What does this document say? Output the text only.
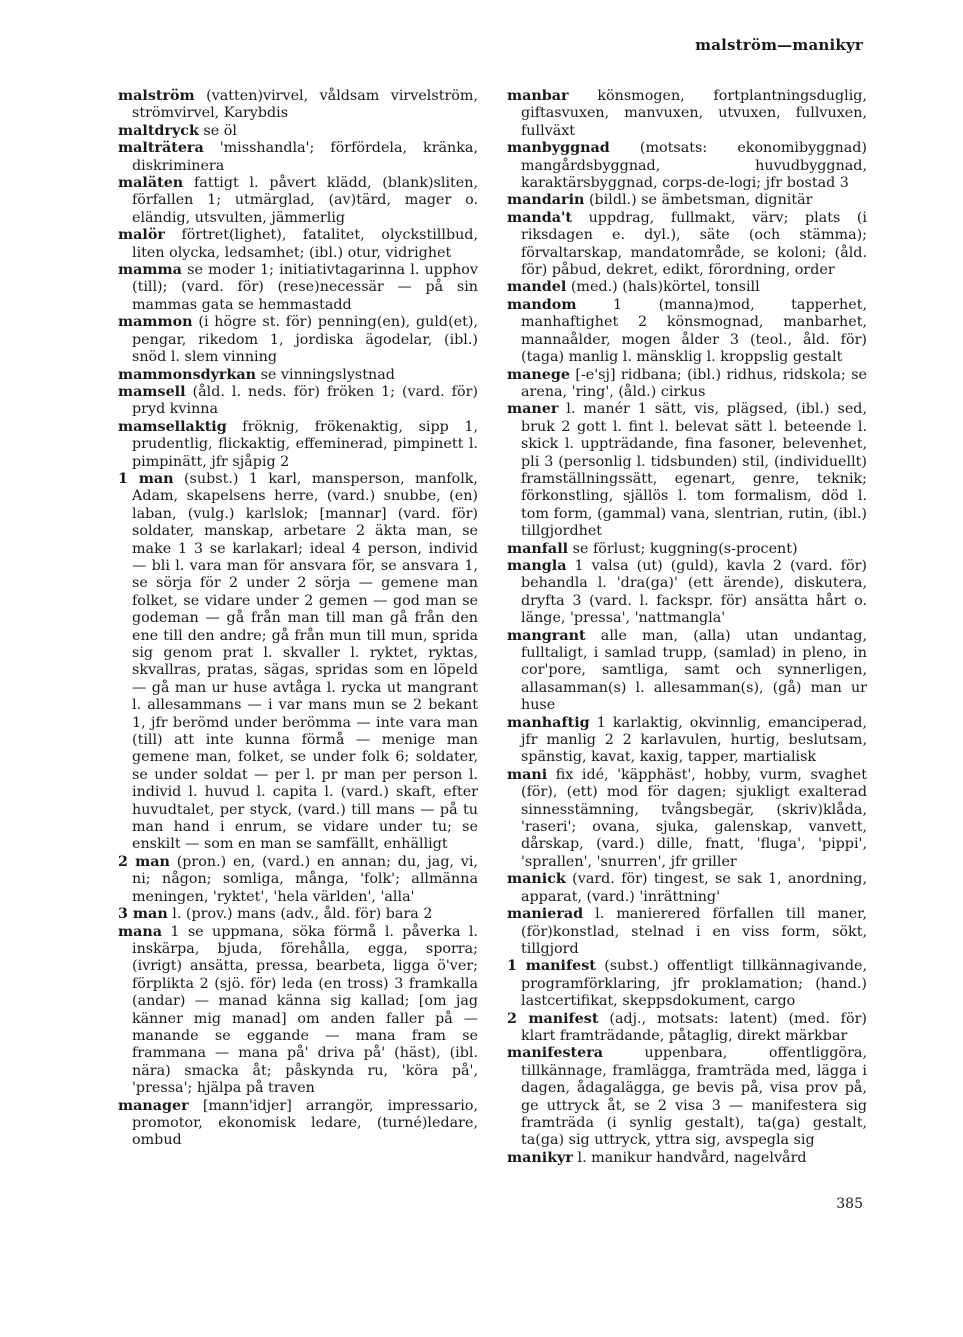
malström—manikyr

malström (vatten)virvel, våldsam virvelström, strömvirvel, Karybdis

maltdryck se öl

malträtera 'misshandla'; förfördela, kränka, diskriminera

maläten fattigt l. påvert klädd, (blank)sliten, förfallen 1; utmärglad, (av)tärd, mager o. eländig, utsvulten, jämmerlig

malör förtret(lighet), fatalitet, olyckstillbud, liten olycka, ledsamhet; (ibl.) otur, vidrighet

mamma se moder 1; initiativtagarinna l. upphov (till); (vard. för) (rese)necessär — på sin mammas gata se hemmastadd

mammon (i högre st. för) penning(en), guld(et), pengar, rikedom 1, jordiska ägodelar, (ibl.) snöd l. slem vinning

mammonsdyrkan se vinningslystnad

mamsell (åld. l. neds. för) fröken 1; (vard. för) pryd kvinna

mamsellaktig fröknig, frökenaktig, sipp 1, prudentlig, flickaktig, effeminerad, pimpinett l. pimpinätt, jfr sjåpig 2

1 man (subst.) 1 karl, mansperson, manfolk, Adam, skapelsens herre, (vard.) snubbe, (en) laban, (vulg.) karlslok; [mannar] (vard. för) soldater, manskap, arbetare 2 äkta man, se make 1 3 se karlakarl; ideal 4 person, individ — bli l. vara man för ansvara för, se ansvara 1, se sörja för 2 under 2 sörja — gemene man folket, se vidare under 2 gemen — god man se godeman — gå från man till man gå från den ene till den andre; gå från mun till mun, sprida sig genom prat l. skvaller l. ryktet, ryktas, skvallras, pratas, sägas, spridas som en löpeld — gå man ur huse avtåga l. rycka ut mangrant l. allesammans — i var mans mun se 2 bekant 1, jfr berömd under berömma — inte vara man (till) att inte kunna förmå — menige man gemene man, folket, se under folk 6; soldater, se under soldat — per l. pr man per person l. individ l. huvud l. capita l. (vard.) skaft, efter huvudtalet, per styck, (vard.) till mans — på tu man hand i enrum, se vidare under tu; se enskilt — som en man se samfällt, enhälligt

2 man (pron.) en, (vard.) en annan; du, jag, vi, ni; någon; somliga, många, 'folk'; allmänna meningen, 'ryktet', 'hela världen', 'alla'

3 man l. (prov.) mans (adv., åld. för) bara 2

mana 1 se uppmana, söka förmå l. påverka l. inskärpa, bjuda, förehålla, egga, sporra; (ivrigt) ansätta, pressa, bearbeta, ligga ö'ver; förplikta 2 (sjö. för) leda (en tross) 3 framkalla (andar) — manad känna sig kallad; [om jag känner mig manad] om anden faller på — manande se eggande — mana fram se frammana — mana på' driva på' (häst), (ibl. nära) smacka åt; påskynda ru, 'köra på', 'pressa'; hjälpa på traven

manager [mann'idjer] arrangör, impressario, promotor, ekonomisk ledare, (turné)ledare, ombud

manbar könsmogen, fortplantningsduglig, giftasvuxen, manvuxen, utvuxen, fullvuxen, fullväxt

manbyggnad (motsats: ekonomibyggnad) mangårdsbyggnad, huvudbyggnad, karaktärsbyggnad, corps-de-logi; jfr bostad 3

mandarin (bildl.) se ämbetsman, dignitär

manda't uppdrag, fullmakt, värv; plats (i riksdagen e. dyl.), säte (och stämma); förvaltarskap, mandatområde, se koloni; (åld. för) påbud, dekret, edikt, förordning, order

mandel (med.) (hals)körtel, tonsill

mandom 1 (manna)mod, tapperhet, manhaftighet 2 könsmognad, manbarhet, mannaålder, mogen ålder 3 (teol., åld. för) (taga) manlig l. mänsklig l. kroppslig gestalt

manege [-e'sj] ridbana; (ibl.) ridhus, ridskola; se arena, 'ring', (åld.) cirkus

maner l. manér 1 sätt, vis, plägsed, (ibl.) sed, bruk 2 gott l. fint l. belevat sätt l. beteende l. skick l. uppträdande, fina fasoner, belevenhet, pli 3 (personlig l. tidsbunden) stil, (individuellt) framställningssätt, egenart, genre, teknik; förkonstling, själlös l. tom formalism, död l. tom form, (gammal) vana, slentrian, rutin, (ibl.) tillgjordhet

manfall se förlust; kuggning(s-procent)

mangla 1 valsa (ut) (guld), kavla 2 (vard. för) behandla l. 'dra(ga)' (ett ärende), diskutera, dryfta 3 (vard. l. fackspr. för) ansätta hårt o. länge, 'pressa', 'nattmangla'

mangrant alle man, (alla) utan undantag, fulltaligt, i samlad trupp, (samlad) in pleno, in cor'pore, samtliga, samt och synnerligen, allasamman(s) l. allesamman(s), (gå) man ur huse

manhaftig 1 karlaktig, okvinnlig, emanciperad, jfr manlig 2 2 karlavulen, hurtig, beslutsam, spänstig, kavat, kaxig, tapper, martialisk

mani fix idé, 'käpphäst', hobby, vurm, svaghet (för), (ett) mod för dagen; sjukligt exalterad sinnesstämning, tvångsbegär, (skriv)klåda, 'raseri'; ovana, sjuka, galenskap, vanvett, dårskap, (vard.) dille, fnatt, 'fluga', 'pippi', 'sprallen', 'snurren', jfr griller

manick (vard. för) tingest, se sak 1, anordning, apparat, (vard.) 'inrättning'

manierad l. manierered förfallen till maner, (för)konstlad, stelnad i en viss form, sökt, tillgjord

1 manifest (subst.) offentligt tillkännagivande, programförklaring, jfr proklamation; (hand.) lastcertifikat, skeppsdokument, cargo

2 manifest (adj., motsats: latent) (med. för) klart framträdande, påtaglig, direkt märkbar

manifestera uppenbara, offentliggöra, tillkännage, framlägga, framträda med, lägga i dagen, ådagalägga, ge bevis på, visa prov på, ge uttryck åt, se 2 visa 3 — manifestera sig framträda (i synlig gestalt), ta(ga) gestalt, ta(ga) sig uttryck, yttra sig, avspegla sig

manikyr l. manikur handvård, nagelvård

385
